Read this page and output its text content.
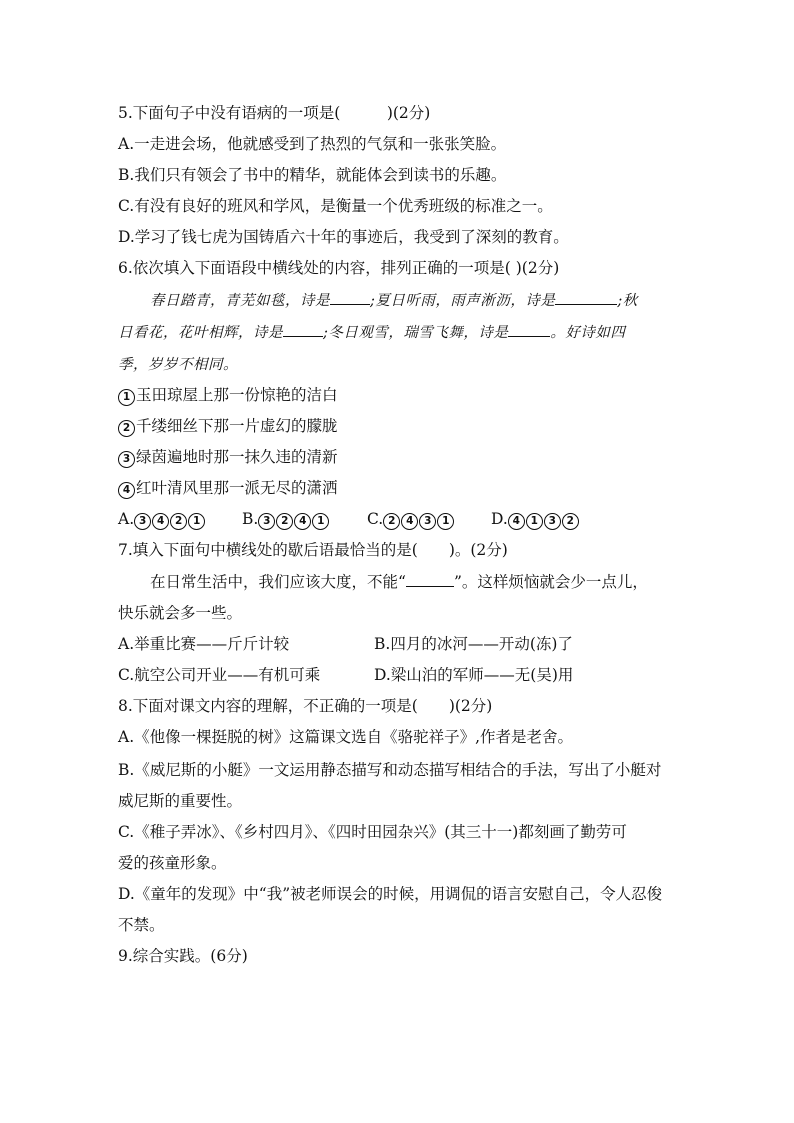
5.下面句子中没有语病的一项是(　　　)(2分)
A.一走进会场，他就感受到了热烈的气氛和一张张笑脸。
B.我们只有领会了书中的精华，就能体会到读书的乐趣。
C.有没有良好的班风和学风，是衡量一个优秀班级的标准之一。
D.学习了钱七虎为国铸盾六十年的事迹后，我受到了深刻的教育。
6.依次填入下面语段中横线处的内容，排列正确的一项是( )(2分)
春日踏青，青芜如毯，诗是	;夏日听雨，雨声淅沥，诗是	;秋
日看花，花叶相辉，诗是	;冬日观雪，瑞雪飞舞，诗是	。好诗如四
季，岁岁不相同。
1 玉田琼屋上那一份惊艳的洁白
2 千缕细丝下那一片虚幻的朦胧
3 绿茵遍地时那一抹久违的清新
4 红叶清风里那一派无尽的潇洒
A. 3 4 2 1	B. 3 2 4 1	C. 2 4 3 1	D. 4 1 3 2
7.填入下面句中横线处的歇后语最恰当的是(　　)。(2分)
在日常生活中，我们应该大度，不能“	”。这样烦恼就会少一点儿，
快乐就会多一些。
A.举重比赛——斤斤计较	B.四月的冰河——开动(冻)了
C.航空公司开业——有机可乘	D.梁山泊的军师——无(吴)用
8.下面对课文内容的理解，不正确的一项是(　　)(2分)
A.《他像一棵挺脱的树》这篇课文选自《骆驼祥子》,作者是老舍。
B.《威尼斯的小艇》一文运用静态描写和动态描写相结合的手法，写出了小艇对
威尼斯的重要性。
C.《稚子弄冰》、《乡村四月》、《四时田园杂兴》(其三十一)都刻画了勤劳可
爱的孩童形象。
D.《童年的发现》中“我”被老师误会的时候，用调侃的语言安慰自己，令人忍俊
不禁。
9.综合实践。(6分)
